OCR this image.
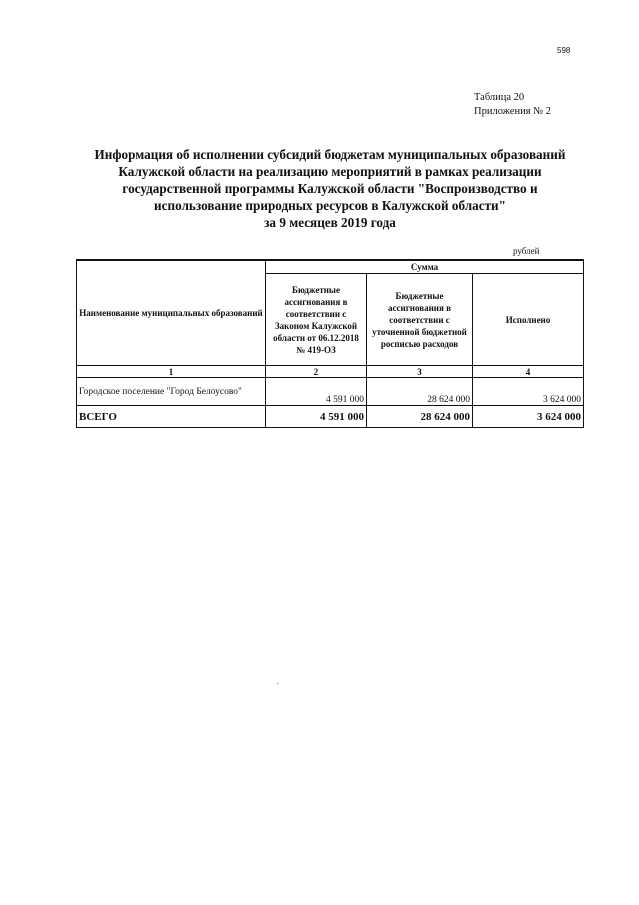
598
Таблица 20
Приложения № 2
Информация об исполнении субсидий бюджетам муниципальных образований
Калужской области на реализацию мероприятий в рамках реализации
государственной программы Калужской области "Воспроизводство и
использование природных ресурсов в Калужской области"
за 9 месяцев 2019 года
рублей
Наименование муниципальных образований	Сумма		
	Бюджетные ассигнования в соответствии с Законом Калужской области от 06.12.2018 № 419-ОЗ	Бюджетные ассигнования в соответствии с уточненной бюджетной росписью расходов	Исполнено
1	2	3	4
Городское поселение "Город Белоусово"	4 591 000	28 624 000	3 624 000
ВСЕГО	4 591 000	28 624 000	3 624 000
